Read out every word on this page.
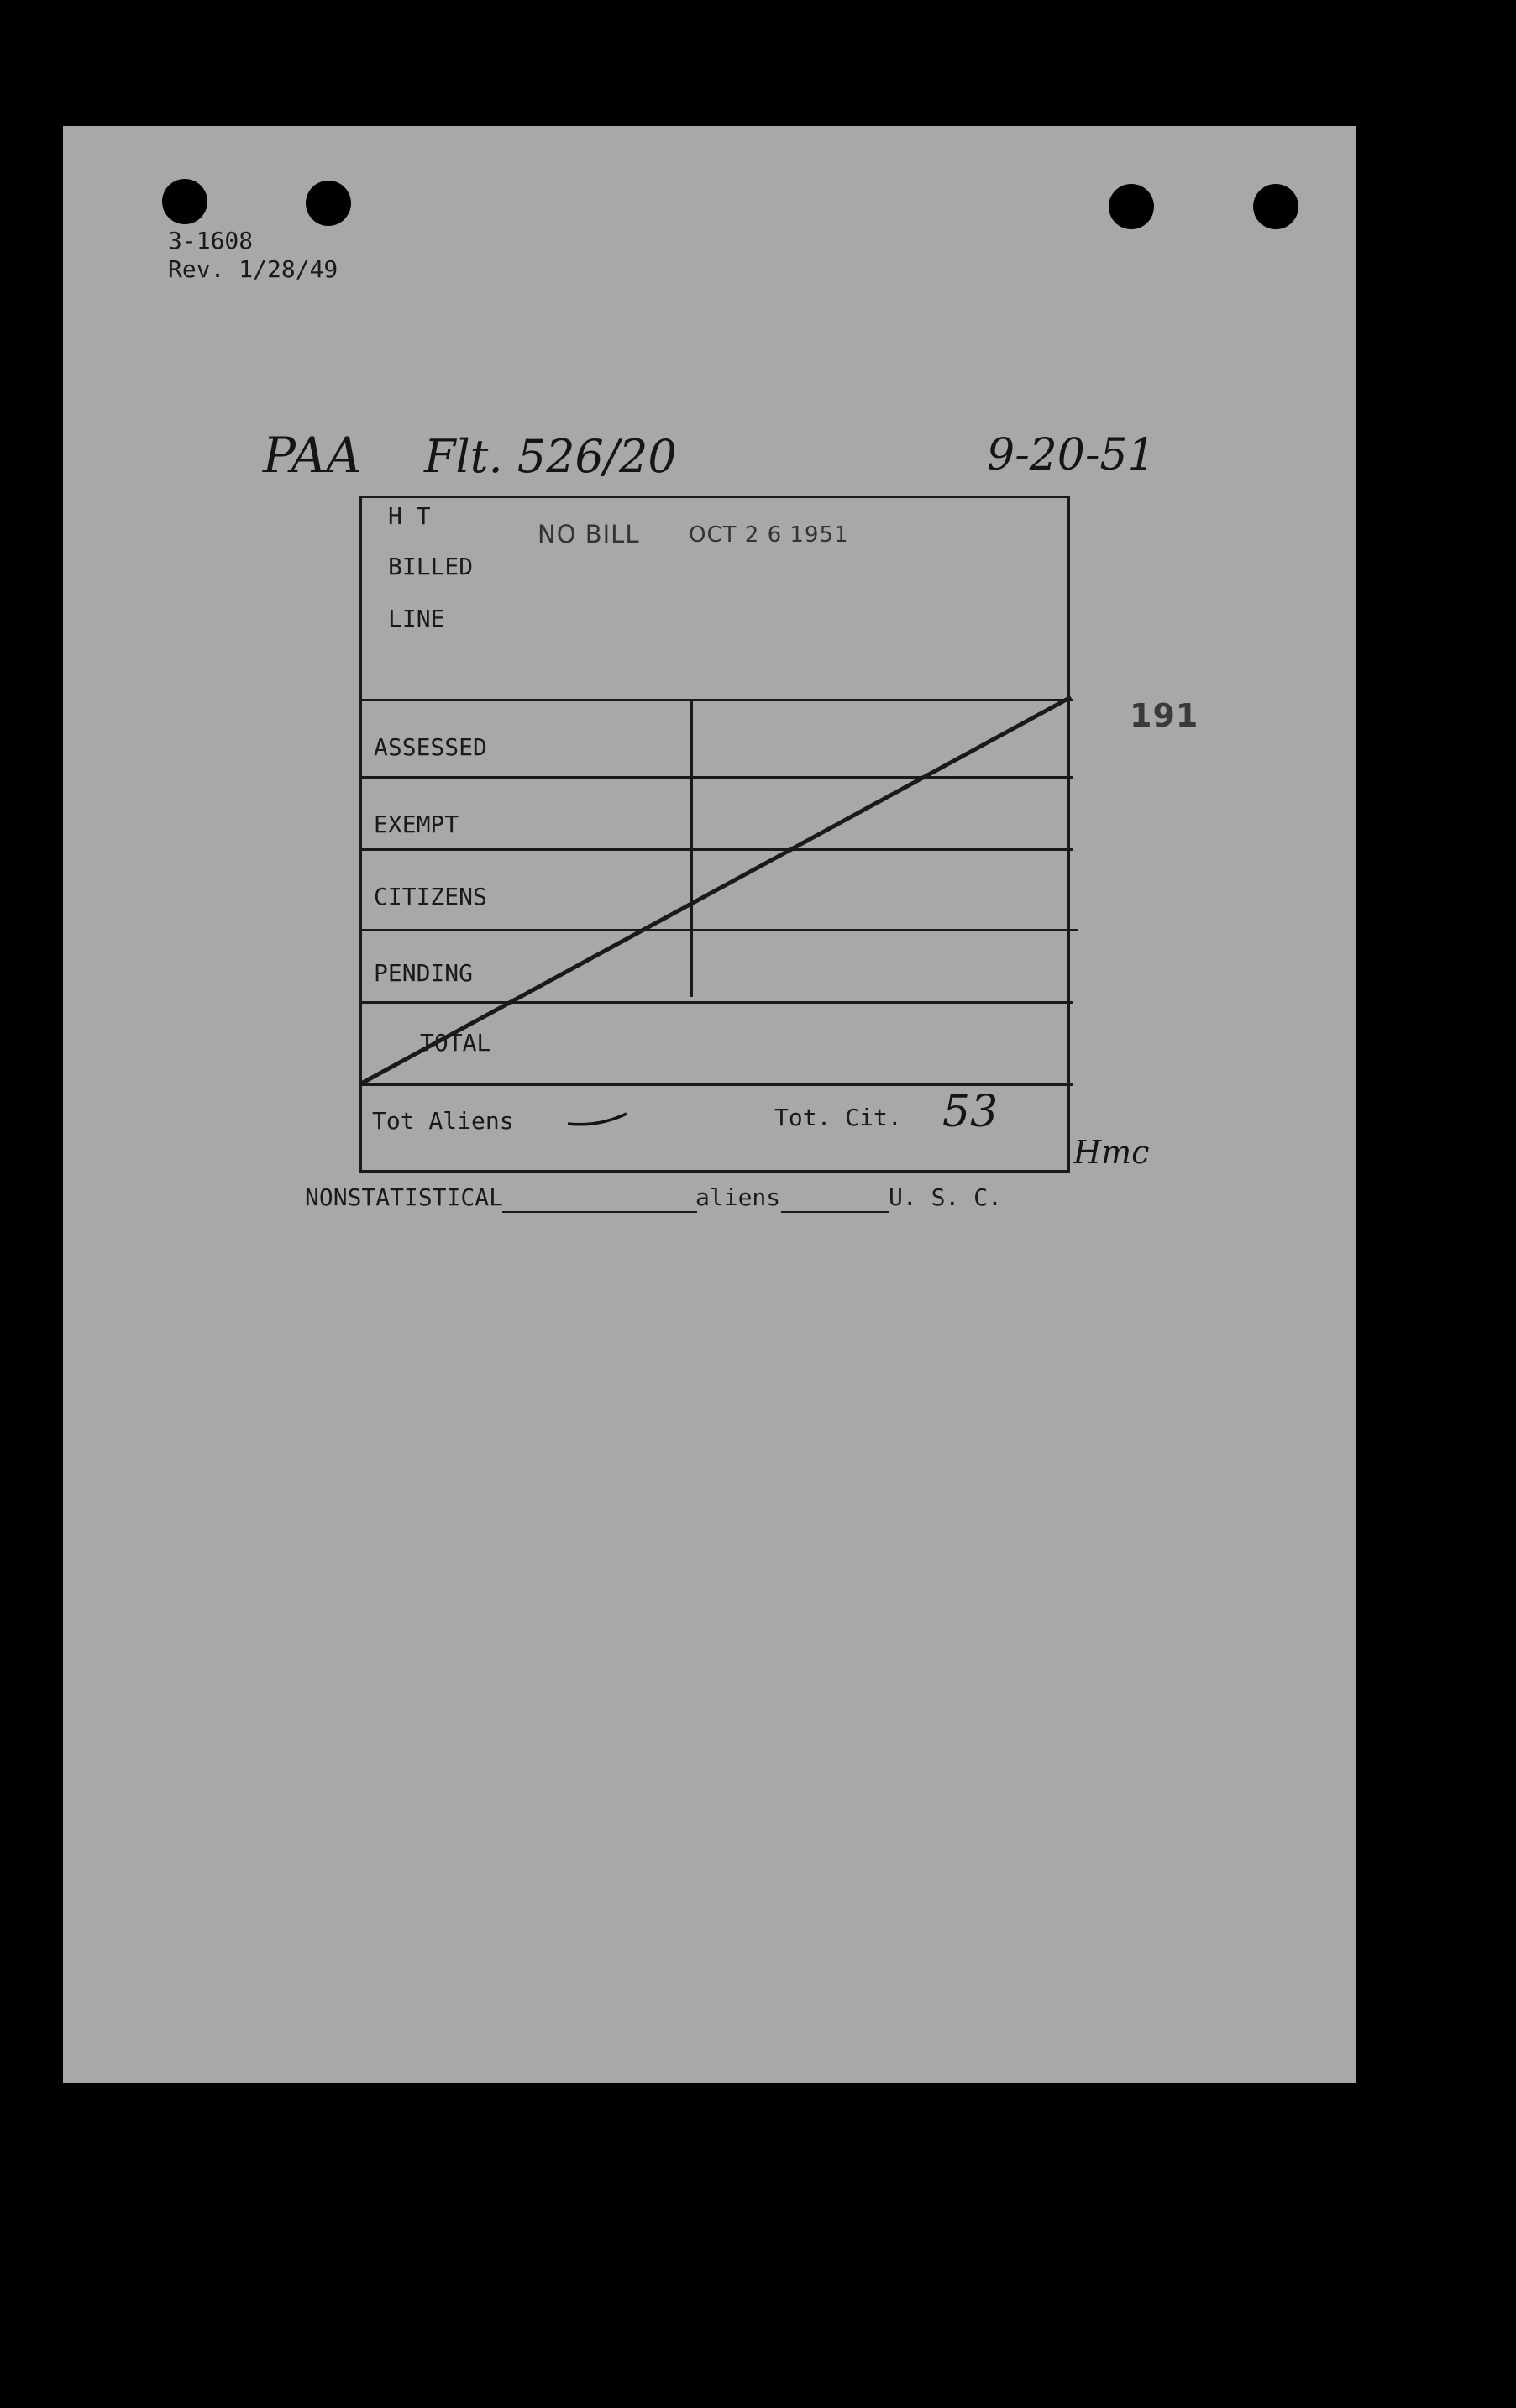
3-1608
Rev. 1/28/49
PAA Flt. 526/20	9-20-51
H T
BILLED
LINE
NO BILL OCT 2 6 1951
191
ASSESSED
EXEMPT
CITIZENS
PENDING
TOTAL
Tot Aliens	Tot. Cit. 53
Hmc
NONSTATISTICAL	aliens	U. S. C.
